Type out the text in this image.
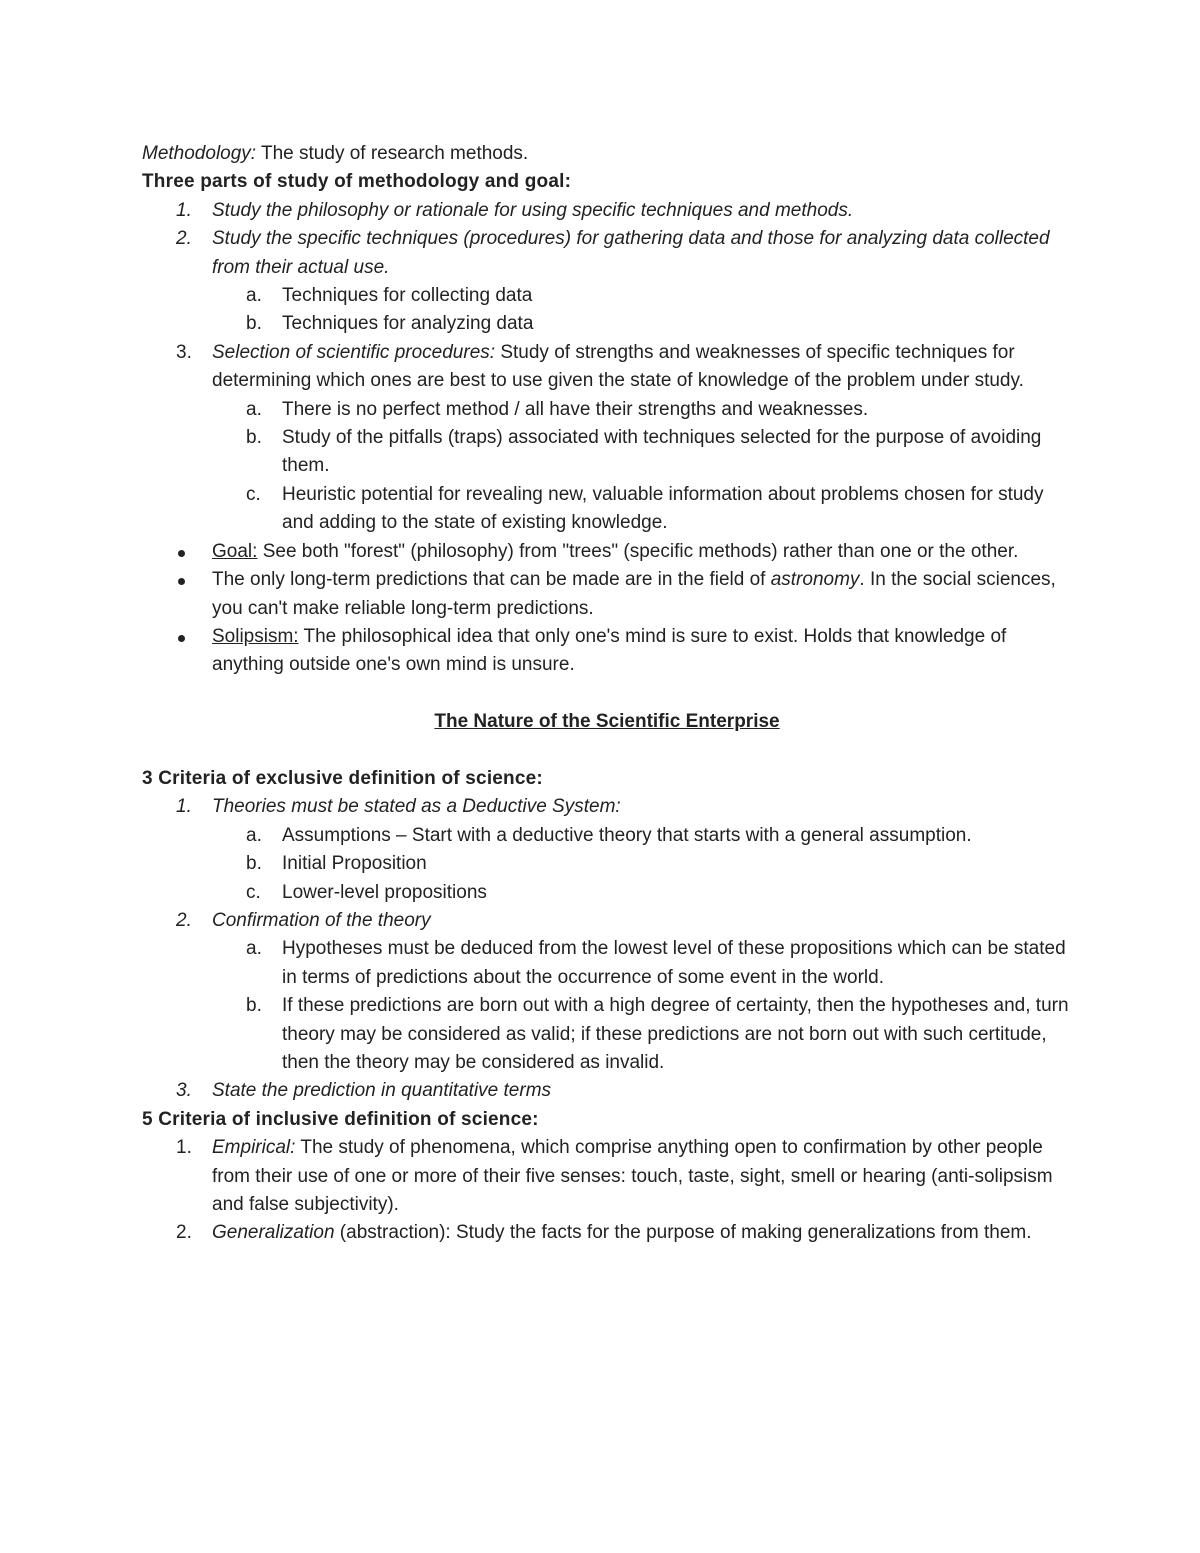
Methodology: The study of research methods.

Three parts of study of methodology and goal:

1. Study the philosophy or rationale for using specific techniques and methods.
2. Study the specific techniques (procedures) for gathering data and those for analyzing data collected from their actual use.
a. Techniques for collecting data
b. Techniques for analyzing data
3. Selection of scientific procedures: Study of strengths and weaknesses of specific techniques for determining which ones are best to use given the state of knowledge of the problem under study.
a. There is no perfect method / all have their strengths and weaknesses.
b. Study of the pitfalls (traps) associated with techniques selected for the purpose of avoiding them.
c. Heuristic potential for revealing new, valuable information about problems chosen for study and adding to the state of existing knowledge.
Goal: See both "forest" (philosophy) from "trees" (specific methods) rather than one or the other.
The only long-term predictions that can be made are in the field of astronomy. In the social sciences, you can't make reliable long-term predictions.
Solipsism: The philosophical idea that only one's mind is sure to exist. Holds that knowledge of anything outside one's own mind is unsure.

The Nature of the Scientific Enterprise

3 Criteria of exclusive definition of science:

1. Theories must be stated as a Deductive System:
a. Assumptions – Start with a deductive theory that starts with a general assumption.
b. Initial Proposition
c. Lower-level propositions
2. Confirmation of the theory
a. Hypotheses must be deduced from the lowest level of these propositions which can be stated in terms of predictions about the occurrence of some event in the world.
b. If these predictions are born out with a high degree of certainty, then the hypotheses and, turn theory may be considered as valid; if these predictions are not born out with such certitude, then the theory may be considered as invalid.
3. State the prediction in quantitative terms

5 Criteria of inclusive definition of science:

1. Empirical: The study of phenomena, which comprise anything open to confirmation by other people from their use of one or more of their five senses: touch, taste, sight, smell or hearing (anti-solipsism and false subjectivity).
2. Generalization (abstraction): Study the facts for the purpose of making generalizations from them.
